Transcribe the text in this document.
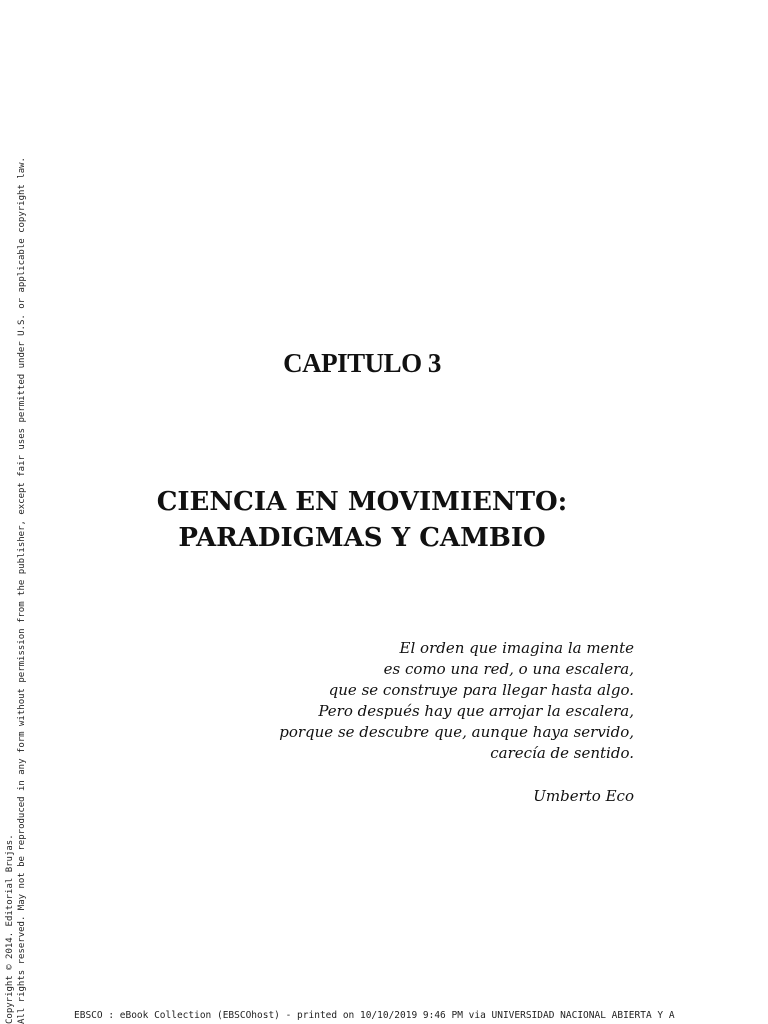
Copyright © 2014. Editorial Brujas. All rights reserved. May not be reproduced in any form without permission from the publisher, except fair uses permitted under U.S. or applicable copyright law.	CAPITULO 3
CIENCIA EN MOVIMIENTO:
PARADIGMAS Y CAMBIO
El orden que imagina la mente
es como una red, o una escalera,
que se construye para llegar hasta algo.
Pero después hay que arrojar la escalera,
porque se descubre que, aunque haya servido,
carecía de sentido.
Umberto Eco
EBSCO : eBook Collection (EBSCOhost) - printed on 10/10/2019 9:46 PM via UNIVERSIDAD NACIONAL ABIERTA Y A
